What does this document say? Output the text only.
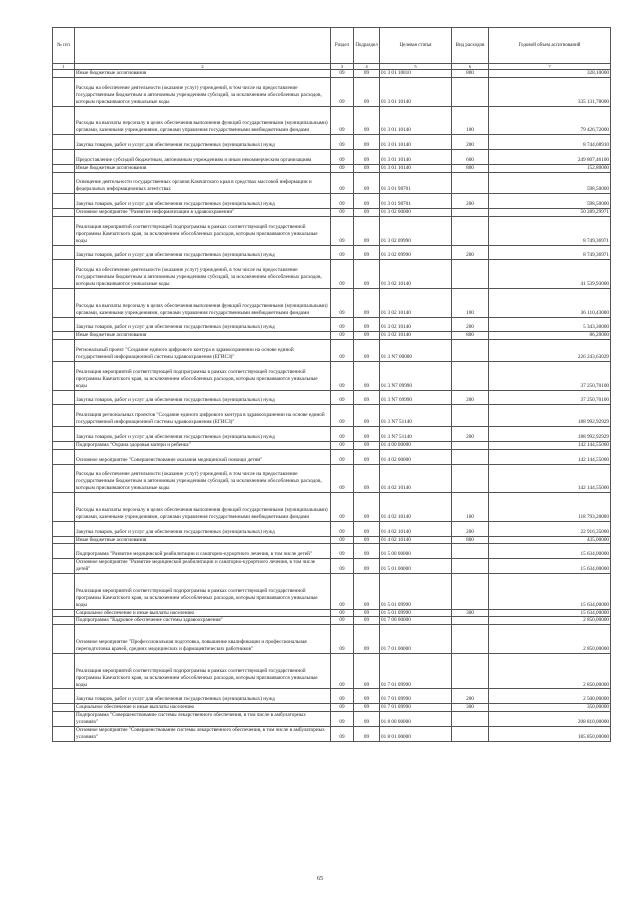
№ п/п		Раздел	Подраздел	Целевая статья	Вид расходов	Годовой объем ассигнований
1	2	3	4	5	6	7
	Иные бюджетные ассигнования	09	09	01 3 01 10010	800	328,10000
	Расходы на обеспечение деятельности (оказание услуг) учреждений, в том числе на предоставление государственным бюджетным и автономным учреждениям субсидий, за исключением обособленных расходов, которым присваиваются уникальные коды	09	09	01 3 01 10140		335 131,78000
	Расходы на выплаты персоналу в целях обеспечения выполнения функций государственными (муниципальными) органами, казенными учреждениями, органами управления государственными внебюджетными фондами	09	09	01 3 01 10140	100	79 426,72000
	Закупка товаров, работ и услуг для обеспечения государственных (муниципальных) нужд	09	09	01 3 01 10140	200	8 744,08910
	Предоставление субсидий бюджетным, автономным учреждениям и иным некоммерческим организациям	09	09	01 3 01 10140	600	249 807,46100
	Иные бюджетные ассигнования	09	09	01 3 01 10140	800	152,80000
	Освещение деятельности государственных органов Камчатского края в средствах массовой информации и федеральных информационных агентствах	09	09	01 3 01 98701		598,50000
	Закупка товаров, работ и услуг для обеспечения государственных (муниципальных) нужд	09	09	01 3 01 98701	200	598,50000
	Основное мероприятие "Развитие информатизации в здравоохранении"	09	09	01 3 02 00000		50 289,29971
	Реализация мероприятий соответствующей подпрограммы в рамках соответствующей государственной программы Камчатского края, за исключением обособленных расходов, которым присваиваются уникальные коды	09	09	01 3 02 09990		8 749,36971
	Закупка товаров, работ и услуг для обеспечения государственных (муниципальных) нужд	09	09	01 3 02 09990	200	8 749,36971
	Расходы на обеспечение деятельности (оказание услуг) учреждений, в том числе на предоставление государственным бюджетным и автономным учреждениям субсидий, за исключением обособленных расходов, которым присваиваются уникальные коды	09	09	01 3 02 10140		41 539,93000
	Расходы на выплаты персоналу в целях обеспечения выполнения функций государственными (муниципальными) органами, казенными учреждениями, органами управления государственными внебюджетными фондами	09	09	01 3 02 10140	100	36 110,43000
	Закупка товаров, работ и услуг для обеспечения государственных (муниципальных) нужд	09	09	01 3 02 10140	200	5 343,30000
	Иные бюджетные ассигнования	09	09	01 3 02 10140	800	86,20000
	Региональный проект "Создание единого цифрового контура в здравоохранении на основе единой государственной информационной системы здравоохранения (ЕГИСЗ)"	09	09	01 3 N7 00000		226 243,63029
	Реализация мероприятий соответствующей подпрограммы в рамках соответствующей государственной программы Камчатского края, за исключением обособленных расходов, которым присваиваются уникальные коды	09	09	01 3 N7 09990		37 250,70100
	Закупка товаров, работ и услуг для обеспечения государственных (муниципальных) нужд	09	09	01 3 N7 09990	200	37 250,70100
	Реализация региональных проектов "Создание единого цифрового контура в здравоохранении на основе единой государственной информационной системы здравоохранения (ЕГИСЗ)"	09	09	01 3 N7 51140		188 992,92929
	Закупка товаров, работ и услуг для обеспечения государственных (муниципальных) нужд	09	09	01 3 N7 51140	200	188 992,92929
	Подпрограмма "Охрана здоровья матери и ребенка"	09	09	01 4 00 00000		142 144,55000
	Основное мероприятие "Совершенствование оказания медицинской помощи детям"	09	09	01 4 02 00000		142 144,55000
	Расходы на обеспечение деятельности (оказание услуг) учреждений, в том числе на предоставление государственным бюджетным и автономным учреждениям субсидий, за исключением обособленных расходов, которым присваиваются уникальные коды	09	09	01 4 02 10140		142 144,55000
	Расходы на выплаты персоналу в целях обеспечения выполнения функций государственными (муниципальными) органами, казенными учреждениями, органами управления государственными внебюджетными фондами	09	09	01 4 02 10140	100	118 793,20000
	Закупка товаров, работ и услуг для обеспечения государственных (муниципальных) нужд	09	09	01 4 02 10140	200	22 916,35000
	Иные бюджетные ассигнования	09	09	01 4 02 10140	800	435,00000
	Подпрограмма "Развитие медицинской реабилитации и санаторно-курортного лечения, в том числе детей"	09	09	01 5 00 00000		15 634,00000
	Основное мероприятие "Развитие медицинской реабилитации и санаторно-курортного лечения, в том числе детей"	09	09	01 5 01 00000		15 634,00000
	Реализация мероприятий соответствующей подпрограммы в рамках соответствующей государственной программы Камчатского края, за исключением обособленных расходов, которым присваиваются уникальные коды	09	09	01 5 01 09990		15 634,00000
	Социальное обеспечение и иные выплаты населению	09	09	01 5 01 09990	300	15 634,00000
	Подпрограмма "Кадровое обеспечение системы здравоохранения"	09	09	01 7 00 00000		2 850,00000
	Основное мероприятие "Профессиональная подготовка, повышение квалификации и профессиональная переподготовка врачей, средних медицинских и фармацевтических работников"	09	09	01 7 01 00000		2 850,00000
	Реализация мероприятий соответствующей подпрограммы в рамках соответствующей государственной программы Камчатского края, за исключением обособленных расходов, которым присваиваются уникальные коды	09	09	01 7 01 09990		2 850,00000
	Закупка товаров, работ и услуг для обеспечения государственных (муниципальных) нужд	09	09	01 7 01 09990	200	2 500,00000
	Социальное обеспечение и иные выплаты населению	09	09	01 7 01 09990	300	350,00000
	Подпрограмма "Совершенствование системы лекарственного обеспечения, в том числе в амбулаторных условиях"	09	09	01 8 00 00000		208 810,00000
	Основное мероприятие "Совершенствование системы лекарственного обеспечения, в том числе в амбулаторных условиях"	09	09	01 8 01 00000		185 850,00000
65
